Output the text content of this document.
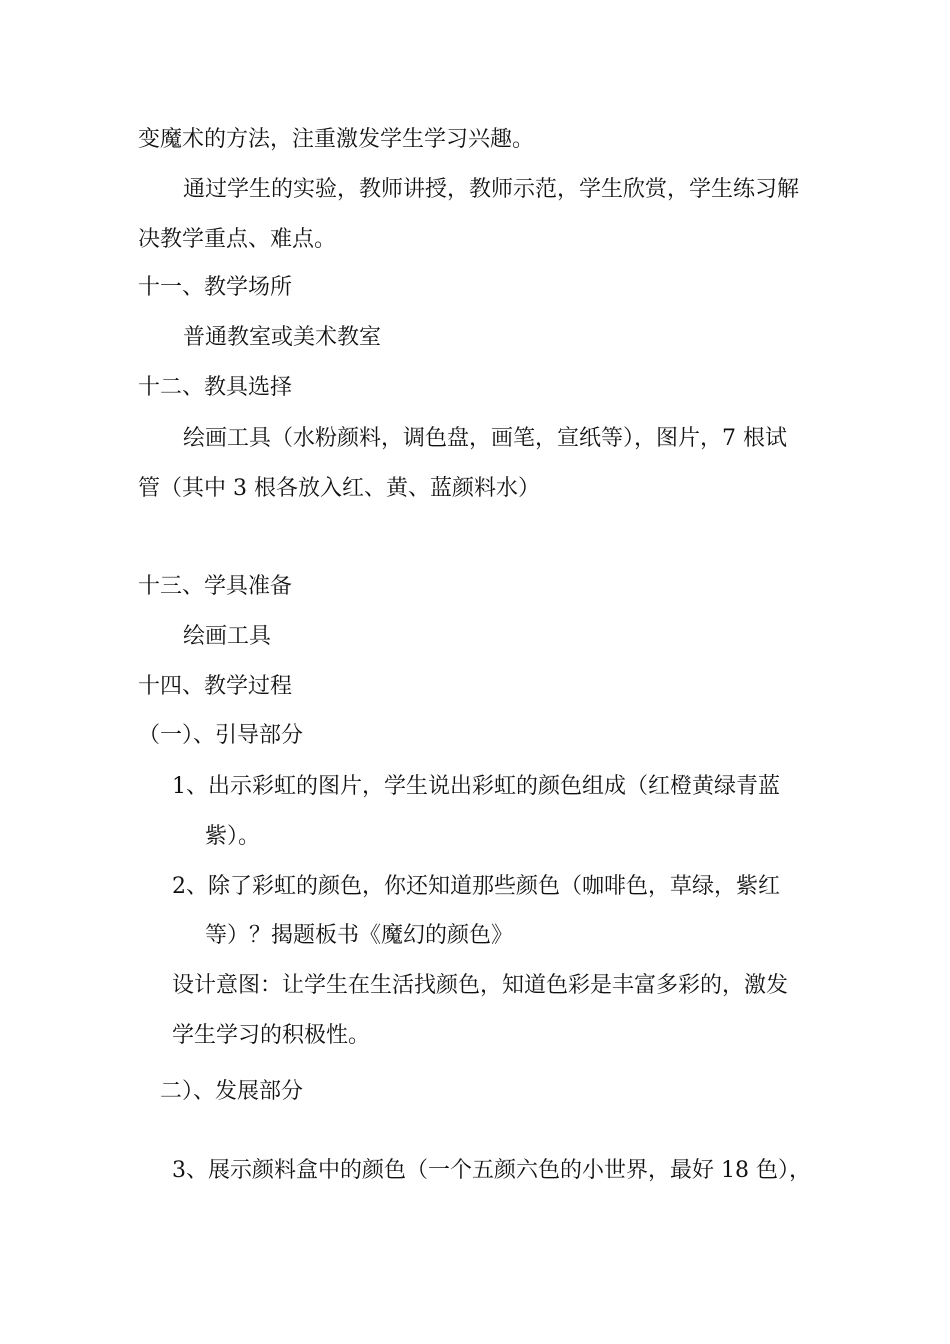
变魔术的方法，注重激发学生学习兴趣。
通过学生的实验，教师讲授，教师示范，学生欣赏，学生练习解
决教学重点、难点。
十一、教学场所
普通教室或美术教室
十二、教具选择
绘画工具（水粉颜料，调色盘，画笔，宣纸等），图片，7 根试
管（其中 3 根各放入红、黄、蓝颜料水）
十三、学具准备
绘画工具
十四、教学过程
（一）、引导部分
1、出示彩虹的图片，学生说出彩虹的颜色组成（红橙黄绿青蓝
紫）。
2、除了彩虹的颜色，你还知道那些颜色（咖啡色，草绿，紫红
等）？揭题板书《魔幻的颜色》
设计意图：让学生在生活找颜色，知道色彩是丰富多彩的，激发
学生学习的积极性。
二）、发展部分
3、展示颜料盒中的颜色（一个五颜六色的小世界，最好 18 色），
